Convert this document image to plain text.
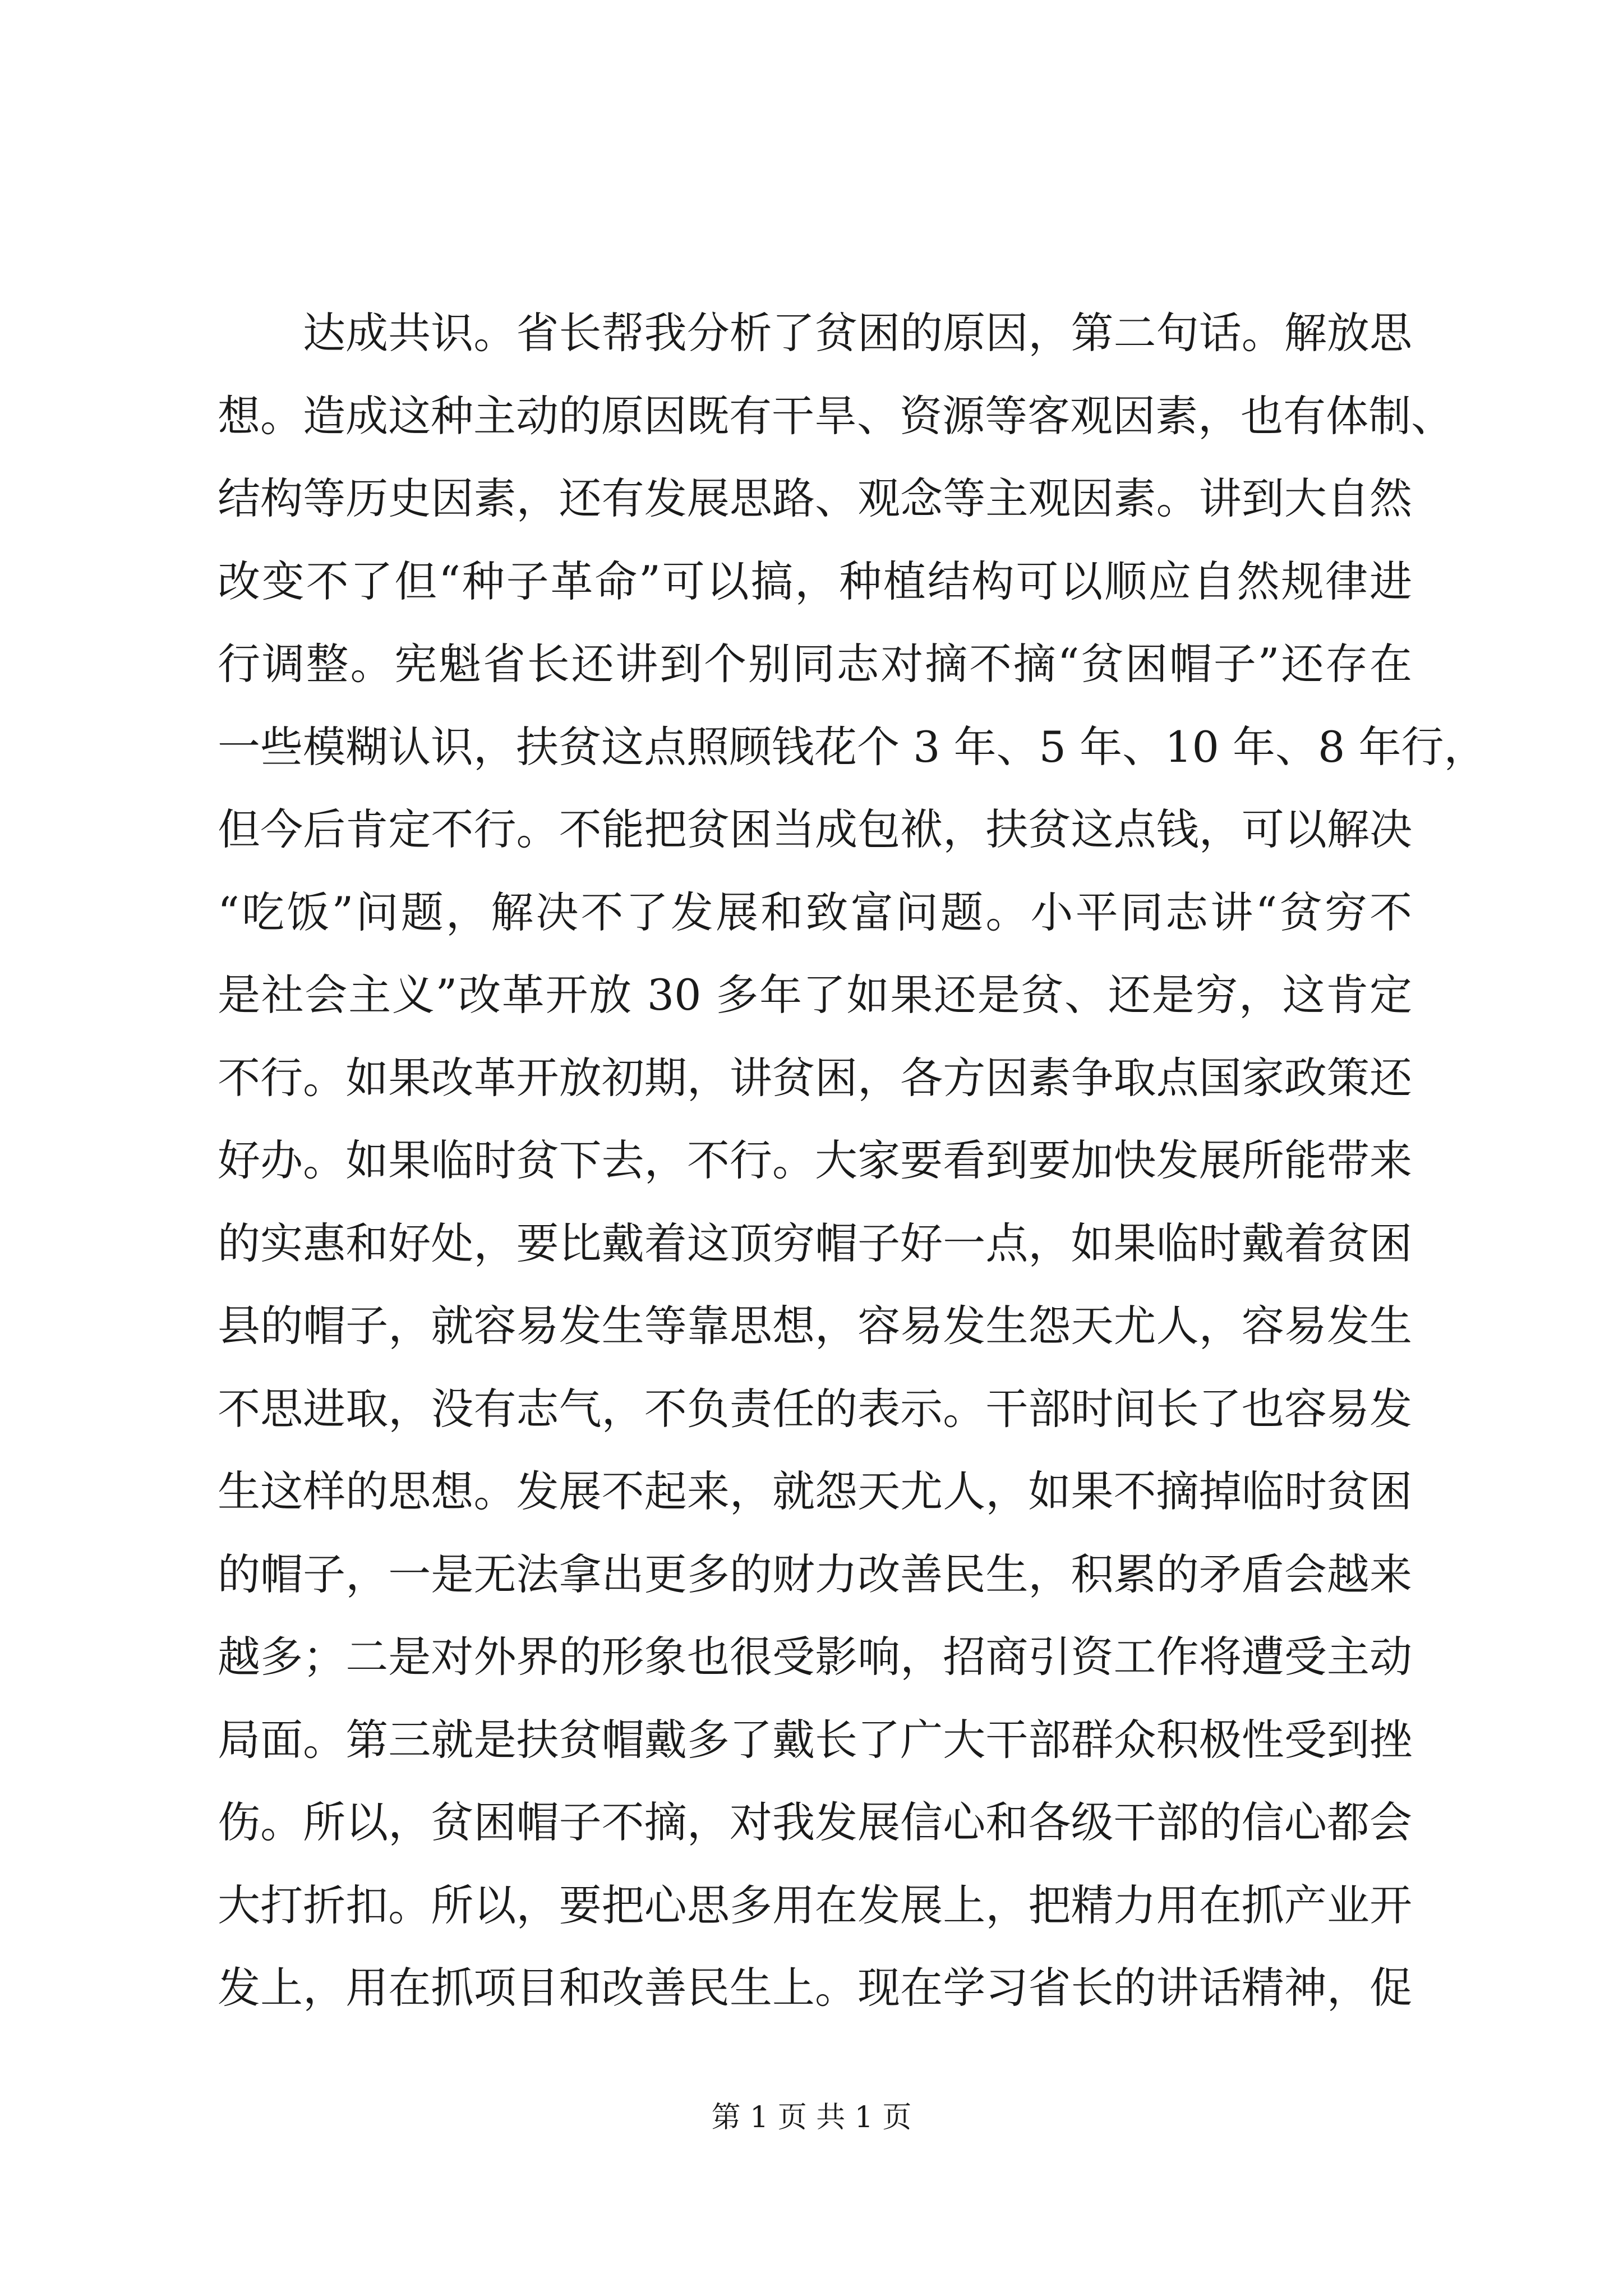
达成共识。省长帮我分析了贫困的原因，第二句话。解放思
想。造成这种主动的原因既有干旱、资源等客观因素，也有体制、
结构等历史因素，还有发展思路、观念等主观因素。讲到大自然
改变不了但“种子革命”可以搞，种植结构可以顺应自然规律进
行调整。宪魁省长还讲到个别同志对摘不摘“贫困帽子”还存在
一些模糊认识，扶贫这点照顾钱花个 3 年、5 年、10 年、8 年行，
但今后肯定不行。不能把贫困当成包袱，扶贫这点钱，可以解决
“吃饭”问题，解决不了发展和致富问题。小平同志讲“贫穷不
是社会主义”改革开放 30 多年了如果还是贫、还是穷，这肯定
不行。如果改革开放初期，讲贫困，各方因素争取点国家政策还
好办。如果临时贫下去，不行。大家要看到要加快发展所能带来
的实惠和好处，要比戴着这顶穷帽子好一点，如果临时戴着贫困
县的帽子，就容易发生等靠思想，容易发生怨天尤人，容易发生
不思进取，没有志气，不负责任的表示。干部时间长了也容易发
生这样的思想。发展不起来，就怨天尤人，如果不摘掉临时贫困
的帽子，一是无法拿出更多的财力改善民生，积累的矛盾会越来
越多；二是对外界的形象也很受影响，招商引资工作将遭受主动
局面。第三就是扶贫帽戴多了戴长了广大干部群众积极性受到挫
伤。所以，贫困帽子不摘，对我发展信心和各级干部的信心都会
大打折扣。所以，要把心思多用在发展上，把精力用在抓产业开
发上，用在抓项目和改善民生上。现在学习省长的讲话精神，促
第 1 页 共 1 页
